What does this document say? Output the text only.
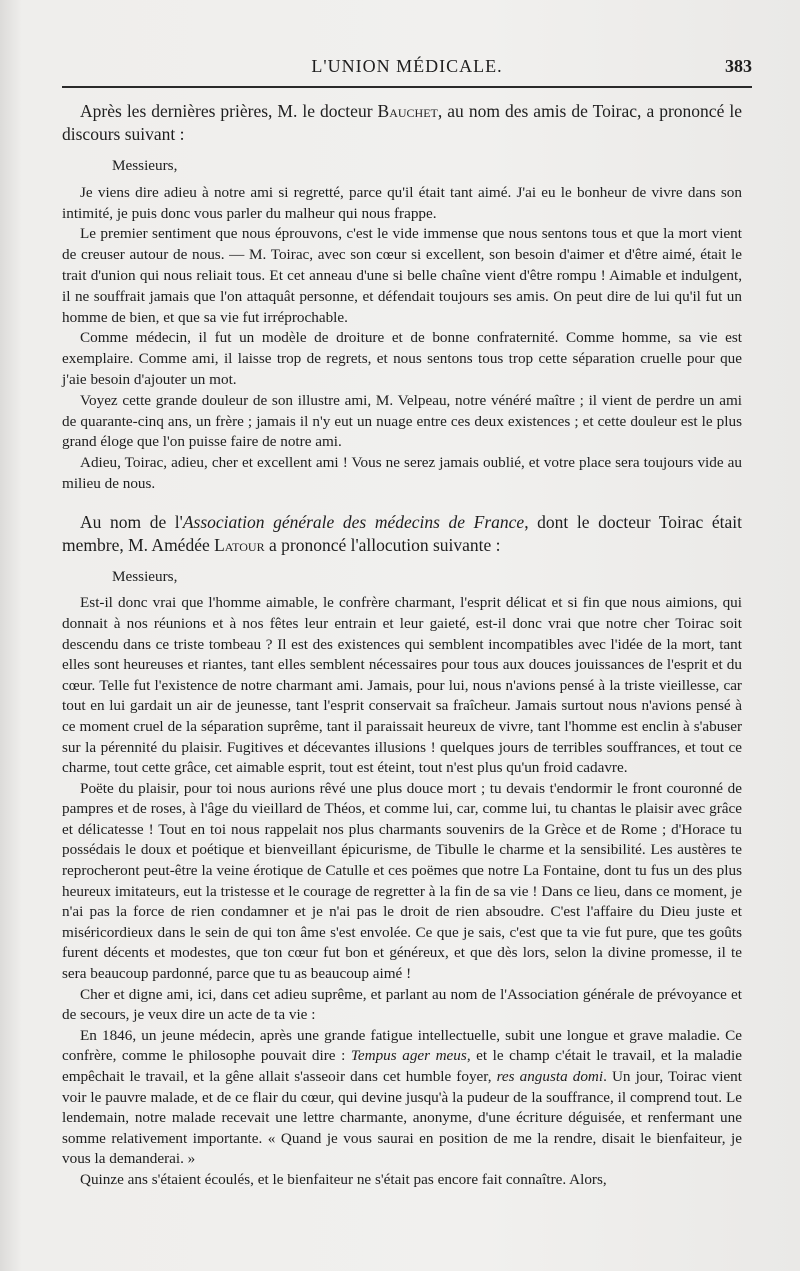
L'UNION MÉDICALE.	383

Après les dernières prières, M. le docteur Bauchet, au nom des amis de Toirac, a prononcé le discours suivant :

Messieurs,

Je viens dire adieu à notre ami si regretté, parce qu'il était tant aimé. J'ai eu le bonheur de vivre dans son intimité, je puis donc vous parler du malheur qui nous frappe.

Le premier sentiment que nous éprouvons, c'est le vide immense que nous sentons tous et que la mort vient de creuser autour de nous. — M. Toirac, avec son cœur si excellent, son besoin d'aimer et d'être aimé, était le trait d'union qui nous reliait tous. Et cet anneau d'une si belle chaîne vient d'être rompu ! Aimable et indulgent, il ne souffrait jamais que l'on attaquât personne, et défendait toujours ses amis. On peut dire de lui qu'il fut un homme de bien, et que sa vie fut irréprochable.

Comme médecin, il fut un modèle de droiture et de bonne confraternité. Comme homme, sa vie est exemplaire. Comme ami, il laisse trop de regrets, et nous sentons tous trop cette séparation cruelle pour que j'aie besoin d'ajouter un mot.

Voyez cette grande douleur de son illustre ami, M. Velpeau, notre vénéré maître ; il vient de perdre un ami de quarante-cinq ans, un frère ; jamais il n'y eut un nuage entre ces deux existences ; et cette douleur est le plus grand éloge que l'on puisse faire de notre ami.

Adieu, Toirac, adieu, cher et excellent ami ! Vous ne serez jamais oublié, et votre place sera toujours vide au milieu de nous.

Au nom de l'Association générale des médecins de France, dont le docteur Toirac était membre, M. Amédée Latour a prononcé l'allocution suivante :

Messieurs,

Est-il donc vrai que l'homme aimable, le confrère charmant, l'esprit délicat et si fin que nous aimions, qui donnait à nos réunions et à nos fêtes leur entrain et leur gaieté, est-il donc vrai que notre cher Toirac soit descendu dans ce triste tombeau ? Il est des existences qui semblent incompatibles avec l'idée de la mort, tant elles sont heureuses et riantes, tant elles semblent nécessaires pour tous aux douces jouissances de l'esprit et du cœur. Telle fut l'existence de notre charmant ami. Jamais, pour lui, nous n'avions pensé à la triste vieillesse, car tout en lui gardait un air de jeunesse, tant l'esprit conservait sa fraîcheur. Jamais surtout nous n'avions pensé à ce moment cruel de la séparation suprême, tant il paraissait heureux de vivre, tant l'homme est enclin à s'abuser sur la pérennité du plaisir. Fugitives et décevantes illusions ! quelques jours de terribles souffrances, et tout ce charme, tout cette grâce, cet aimable esprit, tout est éteint, tout n'est plus qu'un froid cadavre.

Poëte du plaisir, pour toi nous aurions rêvé une plus douce mort ; tu devais t'endormir le front couronné de pampres et de roses, à l'âge du vieillard de Théos, et comme lui, car, comme lui, tu chantas le plaisir avec grâce et délicatesse ! Tout en toi nous rappelait nos plus charmants souvenirs de la Grèce et de Rome ; d'Horace tu possédais le doux et poétique et bienveillant épicurisme, de Tibulle le charme et la sensibilité. Les austères te reprocheront peut-être la veine érotique de Catulle et ces poëmes que notre La Fontaine, dont tu fus un des plus heureux imitateurs, eut la tristesse et le courage de regretter à la fin de sa vie ! Dans ce lieu, dans ce moment, je n'ai pas la force de rien condamner et je n'ai pas le droit de rien absoudre. C'est l'affaire du Dieu juste et miséricordieux dans le sein de qui ton âme s'est envolée. Ce que je sais, c'est que ta vie fut pure, que tes goûts furent décents et modestes, que ton cœur fut bon et généreux, et que dès lors, selon la divine promesse, il te sera beaucoup pardonné, parce que tu as beaucoup aimé !

Cher et digne ami, ici, dans cet adieu suprême, et parlant au nom de l'Association générale de prévoyance et de secours, je veux dire un acte de ta vie :

En 1846, un jeune médecin, après une grande fatigue intellectuelle, subit une longue et grave maladie. Ce confrère, comme le philosophe pouvait dire : Tempus ager meus, et le champ c'était le travail, et la maladie empêchait le travail, et la gêne allait s'asseoir dans cet humble foyer, res angusta domi. Un jour, Toirac vient voir le pauvre malade, et de ce flair du cœur, qui devine jusqu'à la pudeur de la souffrance, il comprend tout. Le lendemain, notre malade recevait une lettre charmante, anonyme, d'une écriture déguisée, et renfermant une somme relativement importante. « Quand je vous saurai en position de me la rendre, disait le bienfaiteur, je vous la demanderai. »

Quinze ans s'étaient écoulés, et le bienfaiteur ne s'était pas encore fait connaître. Alors,
